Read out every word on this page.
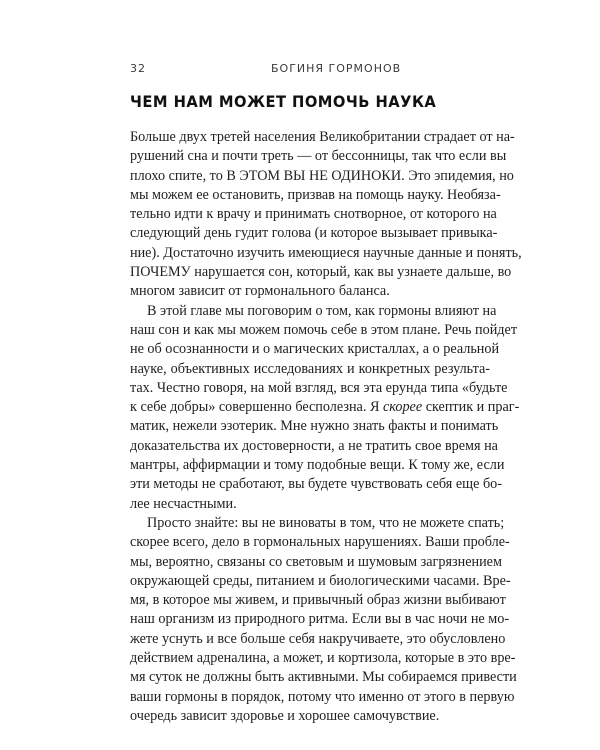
32	БОГИНЯ ГОРМОНОВ
ЧЕМ НАМ МОЖЕТ ПОМОЧЬ НАУКА
Больше двух третей населения Великобритании страдает от на-
рушений сна и почти треть — от бессонницы, так что если вы
плохо спите, то В ЭТОМ ВЫ НЕ ОДИНОКИ. Это эпидемия, но
мы можем ее остановить, призвав на помощь науку. Необяза-
тельно идти к врачу и принимать снотворное, от которого на
следующий день гудит голова (и которое вызывает привыка-
ние). Достаточно изучить имеющиеся научные данные и понять,
ПОЧЕМУ нарушается сон, который, как вы узнаете дальше, во
многом зависит от гормонального баланса.
В этой главе мы поговорим о том, как гормоны влияют на
наш сон и как мы можем помочь себе в этом плане. Речь пойдет
не об осознанности и о магических кристаллах, а о реальной
науке, объективных исследованиях и конкретных результа-
тах. Честно говоря, на мой взгляд, вся эта ерунда типа «будьте
к себе добры» совершенно бесполезна. Я скорее скептик и праг-
матик, нежели эзотерик. Мне нужно знать факты и понимать
доказательства их достоверности, а не тратить свое время на
мантры, аффирмации и тому подобные вещи. К тому же, если
эти методы не сработают, вы будете чувствовать себя еще бо-
лее несчастными.
Просто знайте: вы не виноваты в том, что не можете спать;
скорее всего, дело в гормональных нарушениях. Ваши пробле-
мы, вероятно, связаны со световым и шумовым загрязнением
окружающей среды, питанием и биологическими часами. Вре-
мя, в которое мы живем, и привычный образ жизни выбивают
наш организм из природного ритма. Если вы в час ночи не мо-
жете уснуть и все больше себя накручиваете, это обусловлено
действием адреналина, а может, и кортизола, которые в это вре-
мя суток не должны быть активными. Мы собираемся привести
ваши гормоны в порядок, потому что именно от этого в первую
очередь зависит здоровье и хорошее самочувствие.
